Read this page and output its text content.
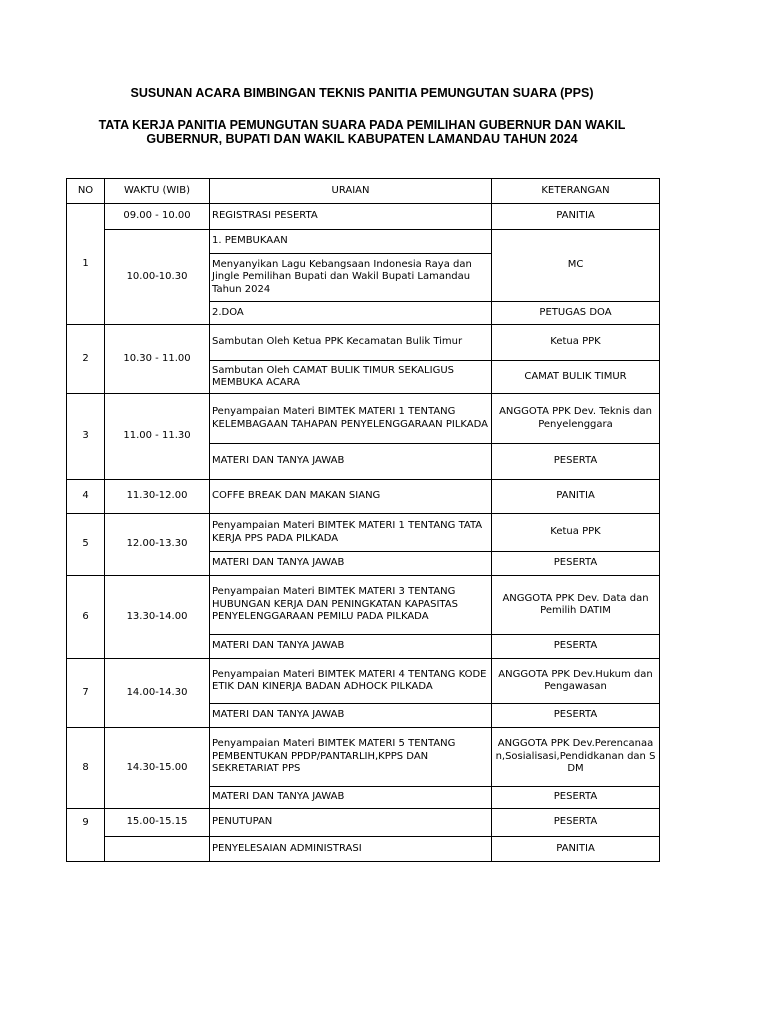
SUSUNAN ACARA BIMBINGAN TEKNIS PANITIA PEMUNGUTAN SUARA (PPS)
TATA KERJA PANITIA PEMUNGUTAN SUARA PADA PEMILIHAN GUBERNUR DAN WAKIL
GUBERNUR, BUPATI DAN WAKIL KABUPATEN LAMANDAU TAHUN 2024
NO	WAKTU (WIB)	URAIAN	KETERANGAN
1	09.00 - 10.00	REGISTRASI PESERTA	PANITIA
	10.00-10.30	1. PEMBUKAAN	MC
		Menyanyikan Lagu Kebangsaan Indonesia Raya dan Jingle Pemilihan Bupati dan Wakil Bupati Lamandau Tahun 2024	
		2.DOA	PETUGAS DOA
2	10.30 - 11.00	Sambutan Oleh Ketua PPK Kecamatan Bulik Timur	Ketua PPK
		Sambutan Oleh CAMAT BULIK TIMUR SEKALIGUS MEMBUKA ACARA	CAMAT BULIK TIMUR
3	11.00 - 11.30	Penyampaian Materi BIMTEK MATERI 1 TENTANG KELEMBAGAAN TAHAPAN PENYELENGGARAAN PILKADA	ANGGOTA PPK Dev. Teknis dan Penyelenggara
		MATERI DAN TANYA JAWAB	PESERTA
4	11.30-12.00	COFFE BREAK DAN MAKAN SIANG	PANITIA
5	12.00-13.30	Penyampaian Materi BIMTEK MATERI 1 TENTANG TATA KERJA PPS PADA PILKADA	Ketua PPK
		MATERI DAN TANYA JAWAB	PESERTA
6	13.30-14.00	Penyampaian Materi BIMTEK MATERI 3 TENTANG HUBUNGAN KERJA DAN PENINGKATAN KAPASITAS PENYELENGGARAAN PEMILU PADA PILKADA	ANGGOTA PPK Dev. Data dan Pemilih DATIM
		MATERI DAN TANYA JAWAB	PESERTA
7	14.00-14.30	Penyampaian Materi BIMTEK MATERI 4 TENTANG KODE ETIK DAN KINERJA BADAN ADHOCK PILKADA	ANGGOTA PPK Dev.Hukum dan Pengawasan
		MATERI DAN TANYA JAWAB	PESERTA
8	14.30-15.00	Penyampaian Materi BIMTEK MATERI 5 TENTANG PEMBENTUKAN PPDP/PANTARLIH,KPPS DAN SEKRETARIAT PPS	ANGGOTA PPK Dev.Perencanaan,Sosialisasi,Pendidkanan dan SDM
		MATERI DAN TANYA JAWAB	PESERTA
9	15.00-15.15	PENUTUPAN	PESERTA
		PENYELESAIAN ADMINISTRASI	PANITIA
